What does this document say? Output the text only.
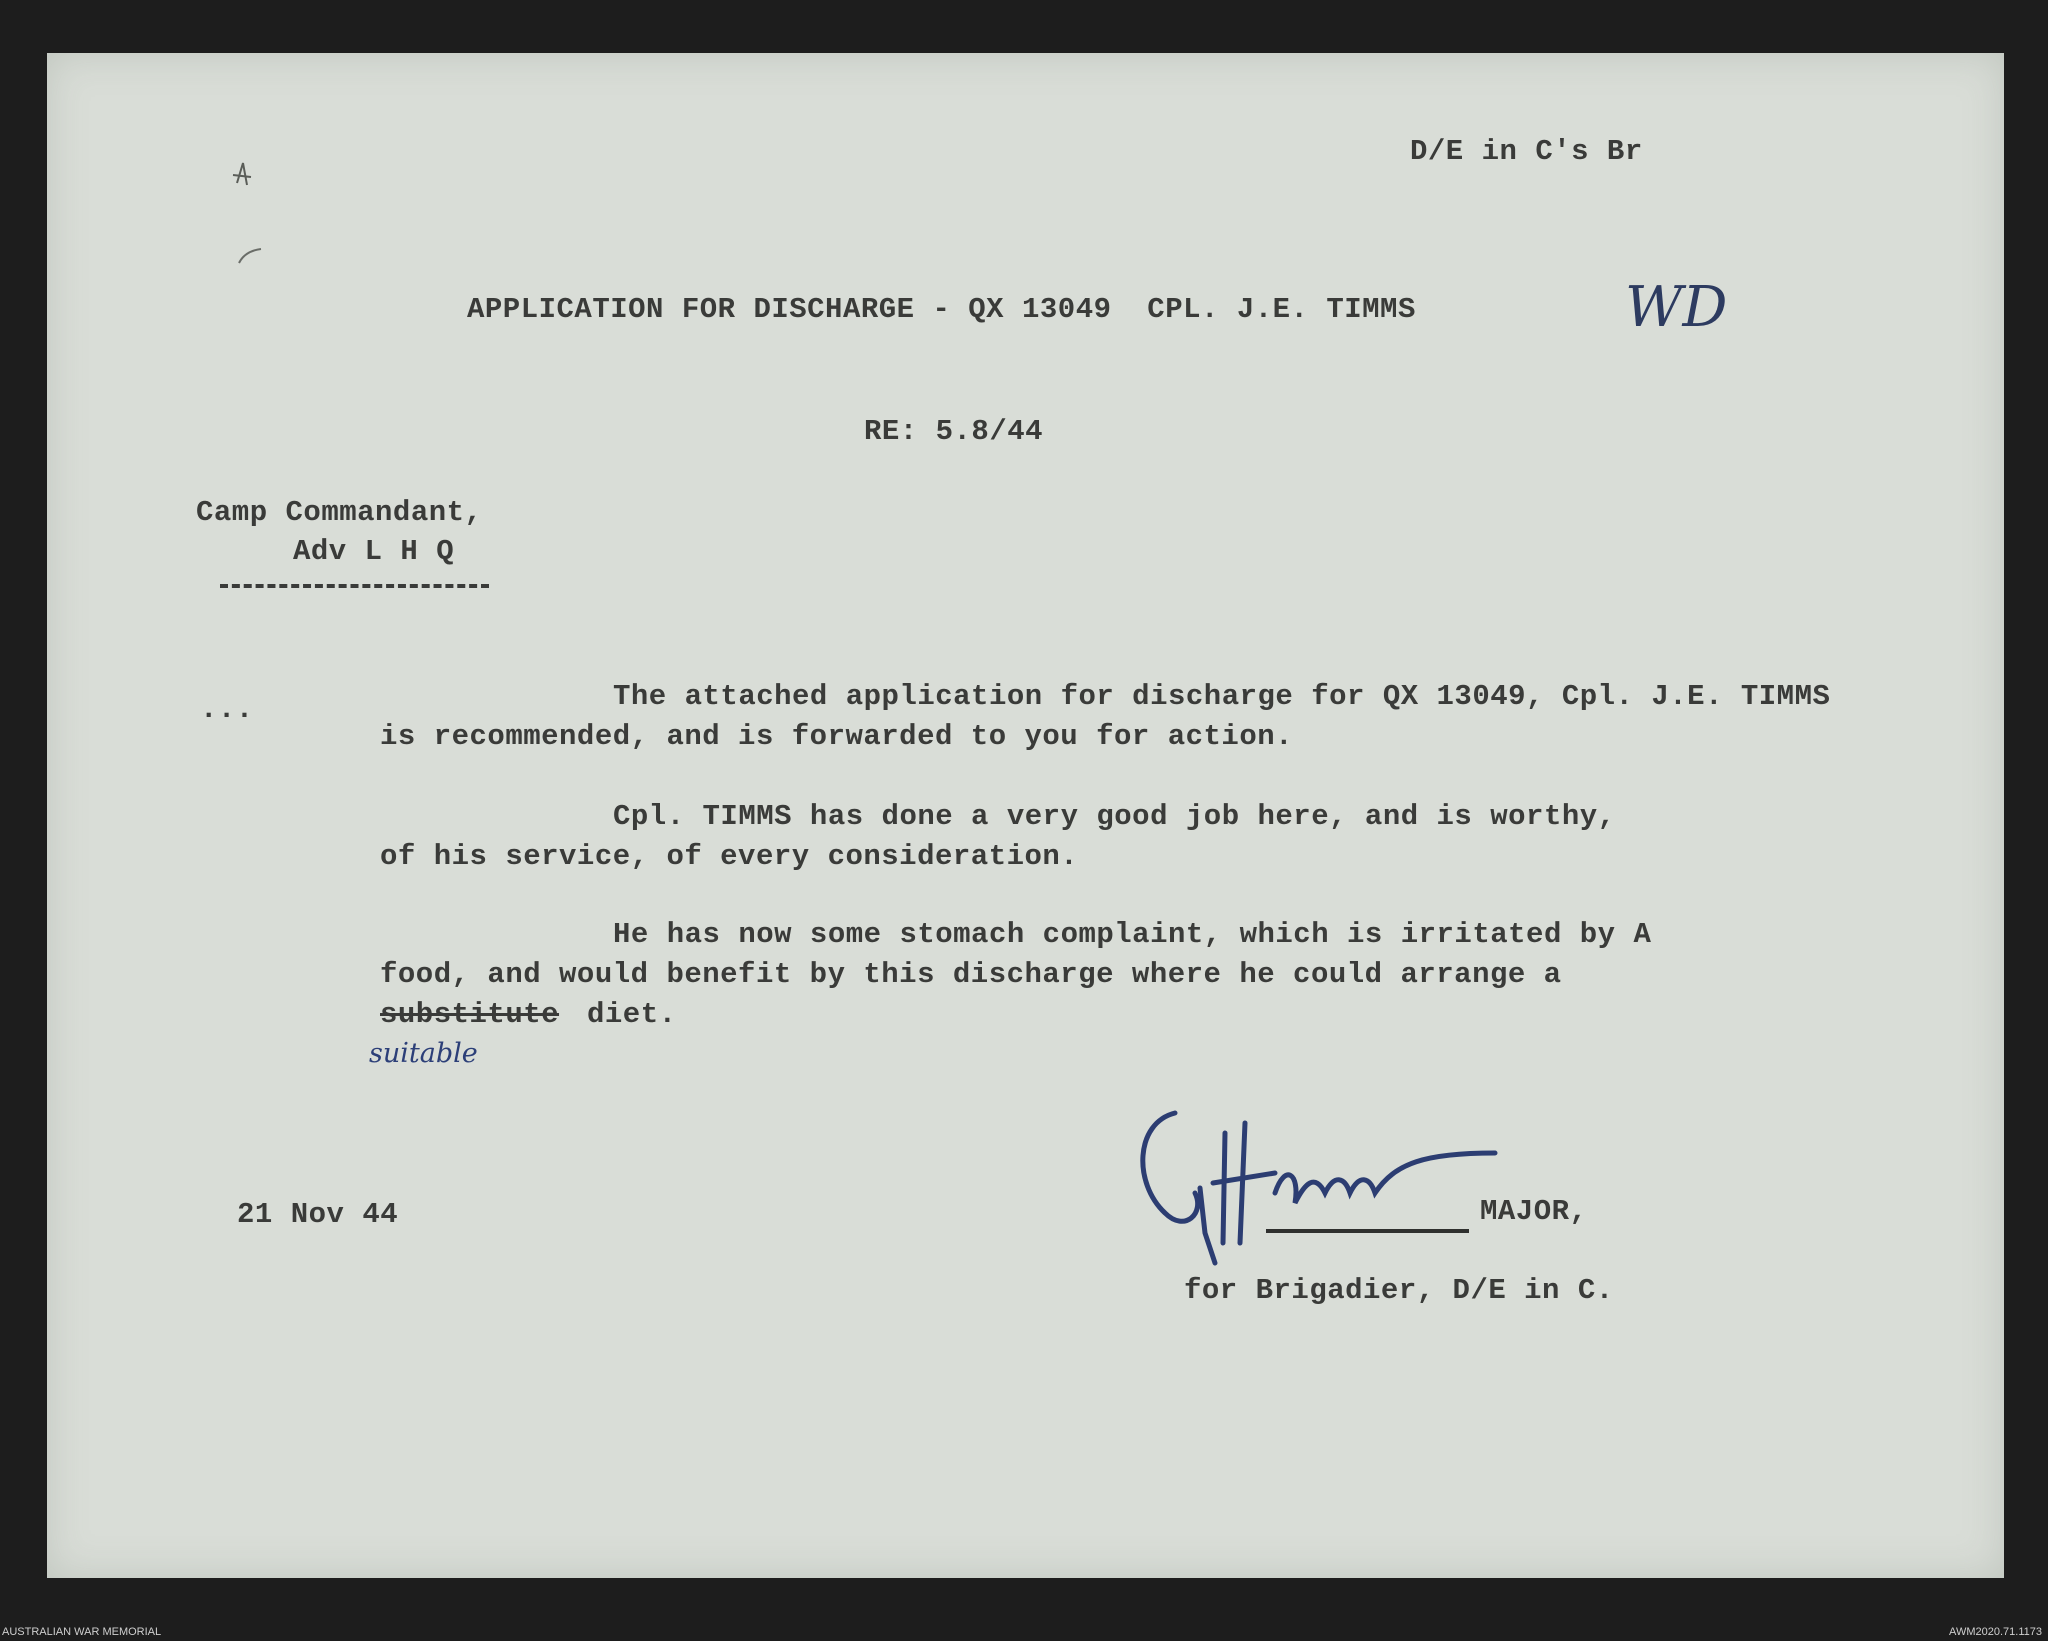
D/E in C's Br
APPLICATION FOR DISCHARGE - QX 13049  CPL. J.E. TIMMS	WD
RE: 5.8/44
Camp Commandant,
Adv L H Q
...	The attached application for discharge for QX 13049, Cpl. J.E. TIMMS
is recommended, and is forwarded to you for action.
Cpl. TIMMS has done a very good job here, and is worthy,
of his service, of every consideration.
He has now some stomach complaint, which is irritated by A
food, and would benefit by this discharge where he could arrange a
substitute diet.
suitable
21 Nov 44	MAJOR,
for Brigadier, D/E in C.
AUSTRALIAN WAR MEMORIAL	AWM2020.71.1173
